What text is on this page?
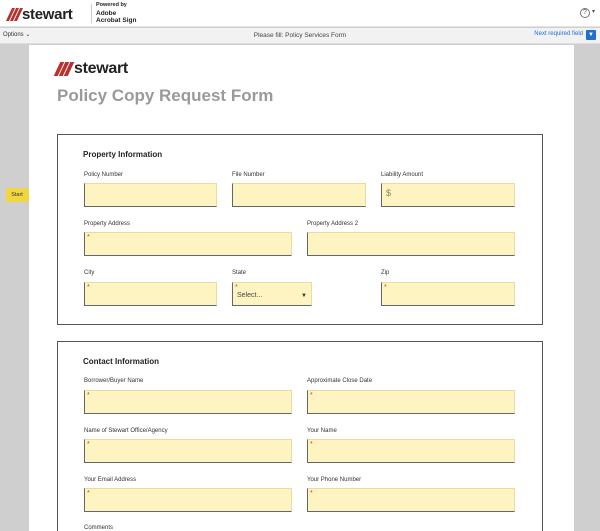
stewart
Powered by
Adobe
Acrobat Sign
? ▾
Options ⌄	Please fill: Policy Services Form	Next required field ▼
Start
stewart
Policy Copy Request Form
Property Information
Policy Number	File Number	Liability Amount
$
Property Address
*
Property Address 2
City
*
State
*
Select...	▼
Zip
*
Contact Information
Borrower/Buyer Name
*
Approximate Close Date
*
Name of Stewart Office/Agency
*
Your Name
*
Your Email Address
*
Your Phone Number
*
Comments
